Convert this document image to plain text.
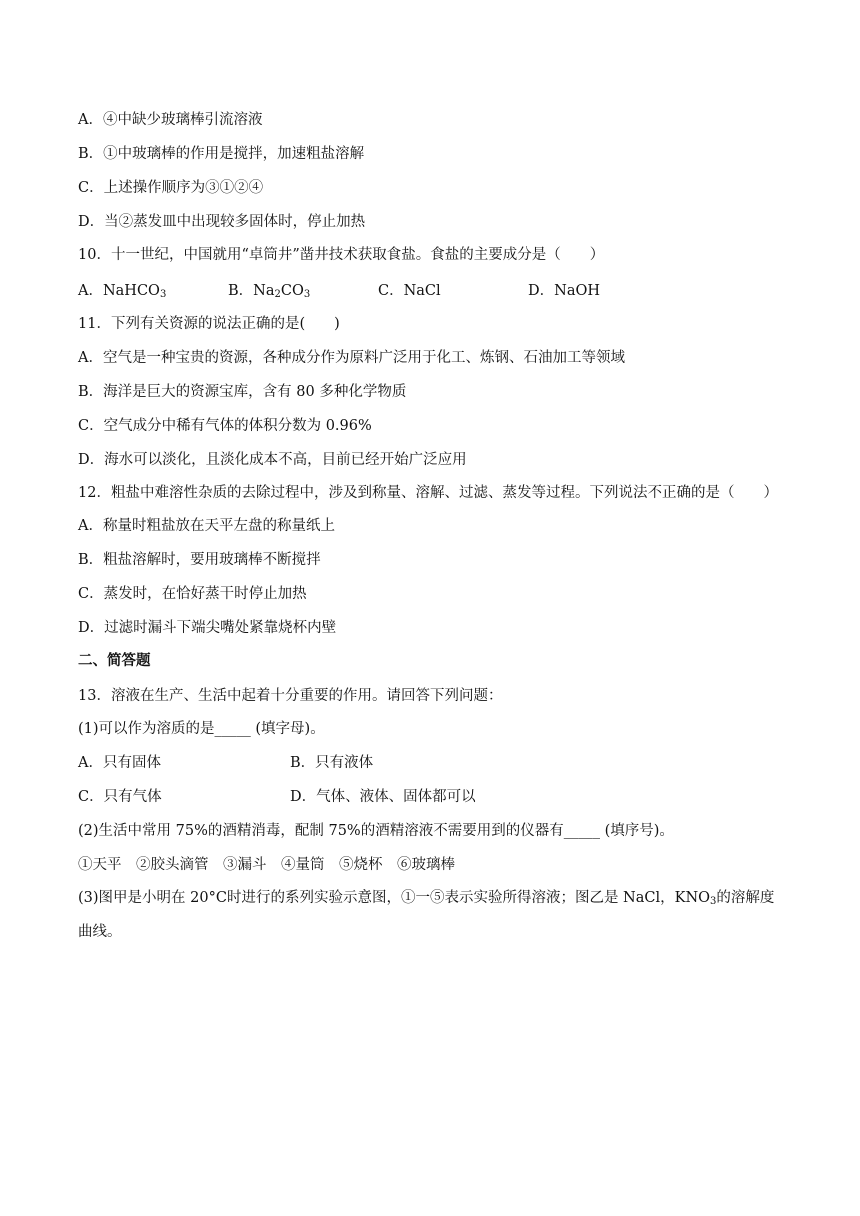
A．④中缺少玻璃棒引流溶液
B．①中玻璃棒的作用是搅拌，加速粗盐溶解
C．上述操作顺序为③①②④
D．当②蒸发皿中出现较多固体时，停止加热
10．十一世纪，中国就用“卓筒井”凿井技术获取食盐。食盐的主要成分是（　　）
A．NaHCO$_3$	B．$Na_2CO_3$	C．NaCl	D．NaOH
11．下列有关资源的说法正确的是(　　)
A．空气是一种宝贵的资源，各种成分作为原料广泛用于化工、炼钢、石油加工等领域
B．海洋是巨大的资源宝库，含有 80 多种化学物质
C．空气成分中稀有气体的体积分数为 0.96%
D．海水可以淡化，且淡化成本不高，目前已经开始广泛应用
12．粗盐中难溶性杂质的去除过程中，涉及到称量、溶解、过滤、蒸发等过程。下列说法不正确的是（　　）
A．称量时粗盐放在天平左盘的称量纸上
B．粗盐溶解时，要用玻璃棒不断搅拌
C．蒸发时，在恰好蒸干时停止加热
D．过滤时漏斗下端尖嘴处紧靠烧杯内壁
二、简答题
13．溶液在生产、生活中起着十分重要的作用。请回答下列问题：
(1)可以作为溶质的是_____ (填字母)。
A．只有固体	B．只有液体
C．只有气体	D．气体、液体、固体都可以
(2)生活中常用 75%的酒精消毒，配制 75%的酒精溶液不需要用到的仪器有_____ (填序号)。
①天平　②胶头滴管　③漏斗　④量筒　⑤烧杯　⑥玻璃棒
(3)图甲是小明在 20°C时进行的系列实验示意图，①一⑤表示实验所得溶液；图乙是 NaCl，$KNO_3$的溶解度
曲线。
